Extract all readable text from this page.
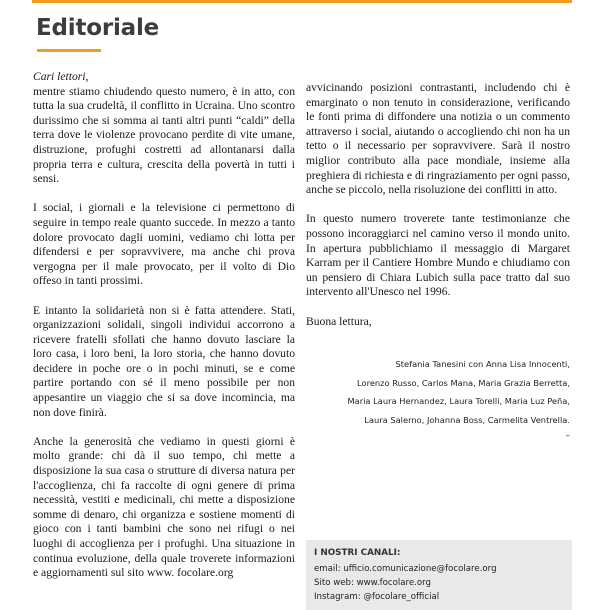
Editoriale
Cari lettori,

mentre stiamo chiudendo questo numero, è in atto, con tutta la sua crudeltà, il conflitto in Ucraina. Uno scontro durissimo che si somma ai tanti altri punti “caldi” della terra dove le violenze provocano perdite di vite umane, distruzione, profughi costretti ad allontanarsi dalla propria terra e cultura, crescita della povertà in tutti i sensi.

I social, i giornali e la televisione ci permettono di seguire in tempo reale quanto succede. In mezzo a tanto dolore provocato dagli uomini, vediamo chi lotta per difendersi e per sopravvivere, ma anche chi prova vergogna per il male provocato, per il volto di Dio offeso in tanti prossimi.

E intanto la solidarietà non si è fatta attendere. Stati, organizzazioni solidali, singoli individui accorrono a ricevere fratelli sfollati che hanno dovuto lasciare la loro casa, i loro beni, la loro storia, che hanno dovuto decidere in poche ore o in pochi minuti, se e come partire portando con sé il meno possibile per non appesantire un viaggio che si sa dove incomincia, ma non dove finirà.

Anche la generosità che vediamo in questi giorni è molto grande: chi dà il suo tempo, chi mette a disposizione la sua casa o strutture di diversa natura per l'accoglienza, chi fa raccolte di ogni genere di prima necessità, vestiti e medicinali, chi mette a disposizione somme di denaro, chi organizza e sostiene momenti di gioco con i tanti bambini che sono nei rifugi o nei luoghi di accoglienza per i profughi. Una situazione in continua evoluzione, della quale troverete informazioni e aggiornamenti sul sito www. focolare.org

avvicinando posizioni contrastanti, includendo chi è emarginato o non tenuto in considerazione, verificando le fonti prima di diffondere una notizia o un commento attraverso i social, aiutando o accogliendo chi non ha un tetto o il necessario per sopravvivere. Sarà il nostro miglior contributo alla pace mondiale, insieme alla preghiera di richiesta e di ringraziamento per ogni passo, anche se piccolo, nella risoluzione dei conflitti in atto.

In questo numero troverete tante testimonianze che possono incoraggiarci nel camino verso il mondo unito. In apertura pubblichiamo il messaggio di Margaret Karram per il Cantiere Hombre Mundo e chiudiamo con un pensiero di Chiara Lubich sulla pace tratto dal suo intervento all'Unesco nel 1996.

Buona lettura,

Stefania Tanesini con Anna Lisa Innocenti,
Lorenzo Russo, Carlos Mana, Maria Grazia Berretta,
Maria Laura Hernandez, Laura Torelli, Maria Luz Peña,
Laura Salerno, Johanna Boss, Carmelita Ventrella.
–
I NOSTRI CANALI:
email: ufficio.comunicazione@focolare.org
Sito web: www.focolare.org
Instagram: @focolare_official
